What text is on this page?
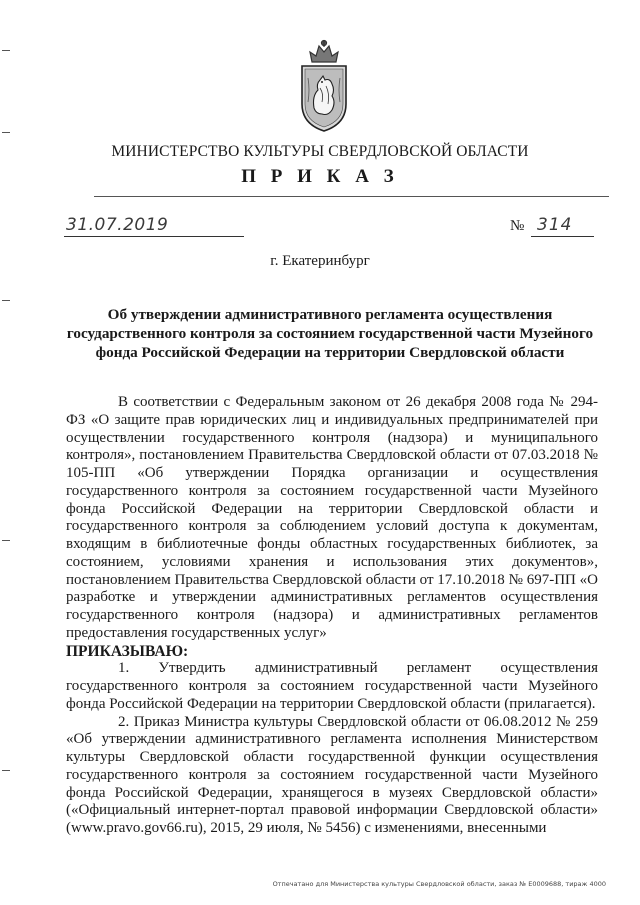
МИНИСТЕРСТВО КУЛЬТУРЫ СВЕРДЛОВСКОЙ ОБЛАСТИ
П Р И К А З
31.07.2019	№ 314
г. Екатеринбург
Об утверждении административного регламента осуществления государственного контроля за состоянием государственной части Музейного фонда Российской Федерации на территории Свердловской области

В соответствии с Федеральным законом от 26 декабря 2008 года № 294-ФЗ «О защите прав юридических лиц и индивидуальных предпринимателей при осуществлении государственного контроля (надзора) и муниципального контроля», постановлением Правительства Свердловской области от 07.03.2018 № 105-ПП «Об утверждении Порядка организации и осуществления государственного контроля за состоянием государственной части Музейного фонда Российской Федерации на территории Свердловской области и государственного контроля за соблюдением условий доступа к документам, входящим в библиотечные фонды областных государственных библиотек, за состоянием, условиями хранения и использования этих документов», постановлением Правительства Свердловской области от 17.10.2018 № 697-ПП «О разработке и утверждении административных регламентов осуществления государственного контроля (надзора) и административных регламентов предоставления государственных услуг»

ПРИКАЗЫВАЮ:

1. Утвердить административный регламент осуществления государственного контроля за состоянием государственной части Музейного фонда Российской Федерации на территории Свердловской области (прилагается).

2. Приказ Министра культуры Свердловской области от 06.08.2012 № 259 «Об утверждении административного регламента исполнения Министерством культуры Свердловской области государственной функции осуществления государственного контроля за состоянием государственной части Музейного фонда Российской Федерации, хранящегося в музеях Свердловской области» («Официальный интернет-портал правовой информации Свердловской области» (www.pravo.gov66.ru), 2015, 29 июля, № 5456) с изменениями, внесенными

Отпечатано для Министерства культуры Свердловской области, заказ № Е0009688, тираж 4000
